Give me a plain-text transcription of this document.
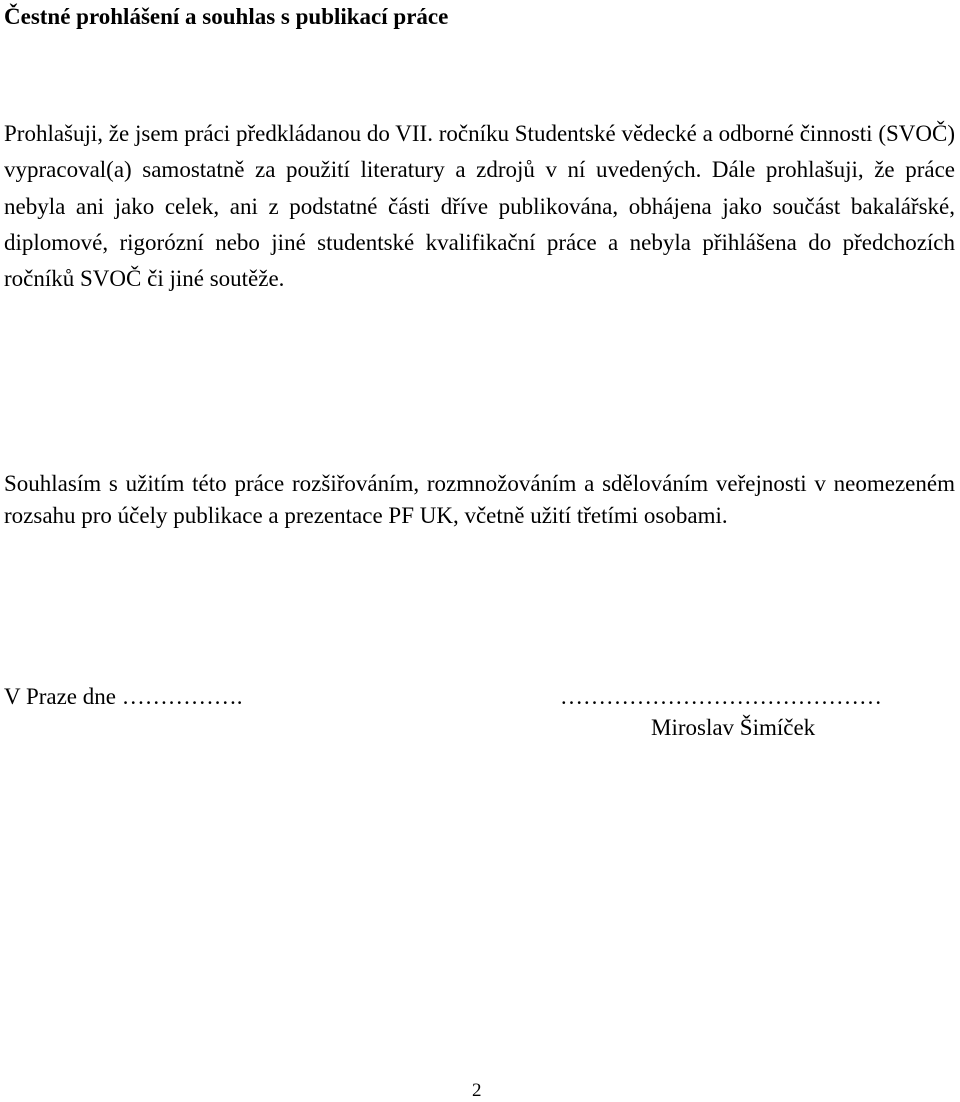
Čestné prohlášení a souhlas s publikací práce

Prohlašuji, že jsem práci předkládanou do VII. ročníku Studentské vědecké a odborné činnosti (SVOČ) vypracoval(a) samostatně za použití literatury a zdrojů v ní uvedených. Dále prohlašuji, že práce nebyla ani jako celek, ani z podstatné části dříve publikována, obhájena jako součást bakalářské, diplomové, rigorózní nebo jiné studentské kvalifikační práce a nebyla přihlášena do předchozích ročníků SVOČ či jiné soutěže.

Souhlasím s užitím této práce rozšiřováním, rozmnožováním a sdělováním veřejnosti v neomezeném rozsahu pro účely publikace a prezentace PF UK, včetně užití třetími osobami.

V Praze dne …………….	……………………………………
Miroslav Šimíček
2
